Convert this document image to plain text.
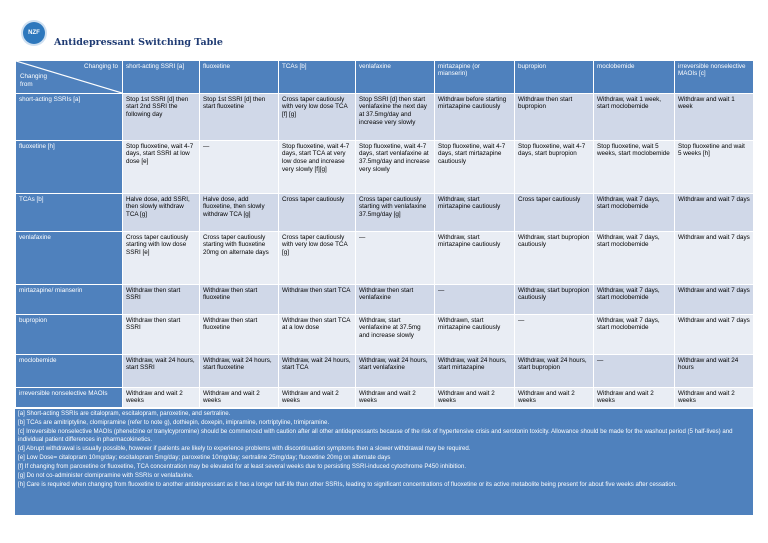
NZF
Antidepressant Switching Table
Changing to
Changing
from	short-acting SSRI [a]	fluoxetine	TCAs [b]	venlafaxine	mirtazapine (or mianserin)	bupropion	moclobemide	irreversible nonselective MAOIs [c]
short-acting SSRIs [a]	Stop 1st SSRI [d] then start 2nd SSRI the following day	Stop 1st SSRI [d] then start fluoxetine	Cross taper cautiously with very low dose TCA [f] [g]	Stop SSRI [d] then start venlafaxine the next day at 37.5mg/day and increase very slowly	Withdraw before starting mirtazapine cautiously	Withdraw then start bupropion	Withdraw, wait 1 week, start moclobemide	Withdraw and wait 1 week
fluoxetine [h]	Stop fluoxetine, wait 4-7 days, start SSRI at low dose [e]	—	Stop fluoxetine, wait 4-7 days, start TCA at very low dose and increase very slowly [f][g]	Stop fluoxetine, wait 4-7 days, start venlafaxine at 37.5mg/day and increase very slowly	Stop fluoxetine, wait 4-7 days, start mirtazapine cautiously	Stop fluoxetine, wait 4-7 days, start bupropion	Stop fluoxetine, wait 5 weeks, start moclobemide	Stop fluoxetine and wait 5 weeks [h]
TCAs [b]	Halve dose, add SSRI, then slowly withdraw TCA [g]	Halve dose, add fluoxetine, then slowly withdraw TCA [g]	Cross taper cautiously	Cross taper cautiously starting with venlafaxine 37.5mg/day [g]	Withdraw, start mirtazapine cautiously	Cross taper cautiously	Withdraw, wait 7 days, start moclobemide	Withdraw and wait 7 days
venlafaxine	Cross taper cautiously starting with low dose SSRI [e]	Cross taper cautiously starting with fluoxetine 20mg on alternate days	Cross taper cautiously with very low dose TCA [g]	—	Withdraw, start mirtazapine cautiously	Withdraw, start bupropion cautiously	Withdraw, wait 7 days, start moclobemide	Withdraw and wait 7 days
mirtazapine/ mianserin	Withdraw then start SSRI	Withdraw then start fluoxetine	Withdraw then start TCA	Withdraw then start venlafaxine	—	Withdraw, start bupropion cautiously	Withdraw, wait 7 days, start moclobemide	Withdraw and wait 7 days
bupropion	Withdraw then start SSRI	Withdraw then start fluoxetine	Withdraw then start TCA at a low dose	Withdraw, start venlafaxine at 37.5mg and increase slowly	Withdrawn, start mirtazapine cautiously	—	Withdraw, wait 7 days, start moclobemide	Withdraw and wait 7 days
moclobemide	Withdraw, wait 24 hours, start SSRI	Withdraw, wait 24 hours, start fluoxetine	Withdraw, wait 24 hours, start TCA	Withdraw, wait 24 hours, start venlafaxine	Withdraw, wait 24 hours, start mirtazapine	Withdraw, wait 24 hours, start bupropion	—	Withdraw and wait 24 hours
irreversible nonselective MAOIs	Withdraw and wait 2 weeks	Withdraw and wait 2 weeks	Withdraw and wait 2 weeks	Withdraw and wait 2 weeks	Withdraw and wait 2 weeks	Withdraw and wait 2 weeks	Withdraw and wait 2 weeks	Withdraw and wait 2 weeks
[a] Short-acting SSRIs are citalopram, escitalopram, paroxetine, and sertraline.
[b] TCAs are amitriptyline, clomipramine (refer to note g), dothiepin, doxepin, imipramine, nortriptyline, trimipramine.
[c] Irreversible nonselective MAOIs (phenelzine or tranylcypromine) should be commenced with caution after all other antidepressants because of the risk of hypertensive crisis and serotonin toxicity. Allowance should be made for the washout period (5 half-lives) and individual patient differences in pharmacokinetics.
[d] Abrupt withdrawal is usually possible, however if patients are likely to experience problems with discontinuation symptoms then a slower withdrawal may be required.
[e] Low Dose= citalopram 10mg/day; escitalopram 5mg/day; paroxetine 10mg/day; sertraline 25mg/day; fluoxetine 20mg on alternate days
[f] If changing from paroxetine or fluoxetine, TCA concentration may be elevated for at least several weeks due to persisting SSRI-induced cytochrome P450 inhibition.
[g] Do not co-administer clomipramine with SSRIs or venlafaxine.
[h] Care is required when changing from fluoxetine to another antidepressant as it has a longer half-life than other SSRIs, leading to significant concentrations of fluoxetine or its active metabolite being present for about five weeks after cessation.
